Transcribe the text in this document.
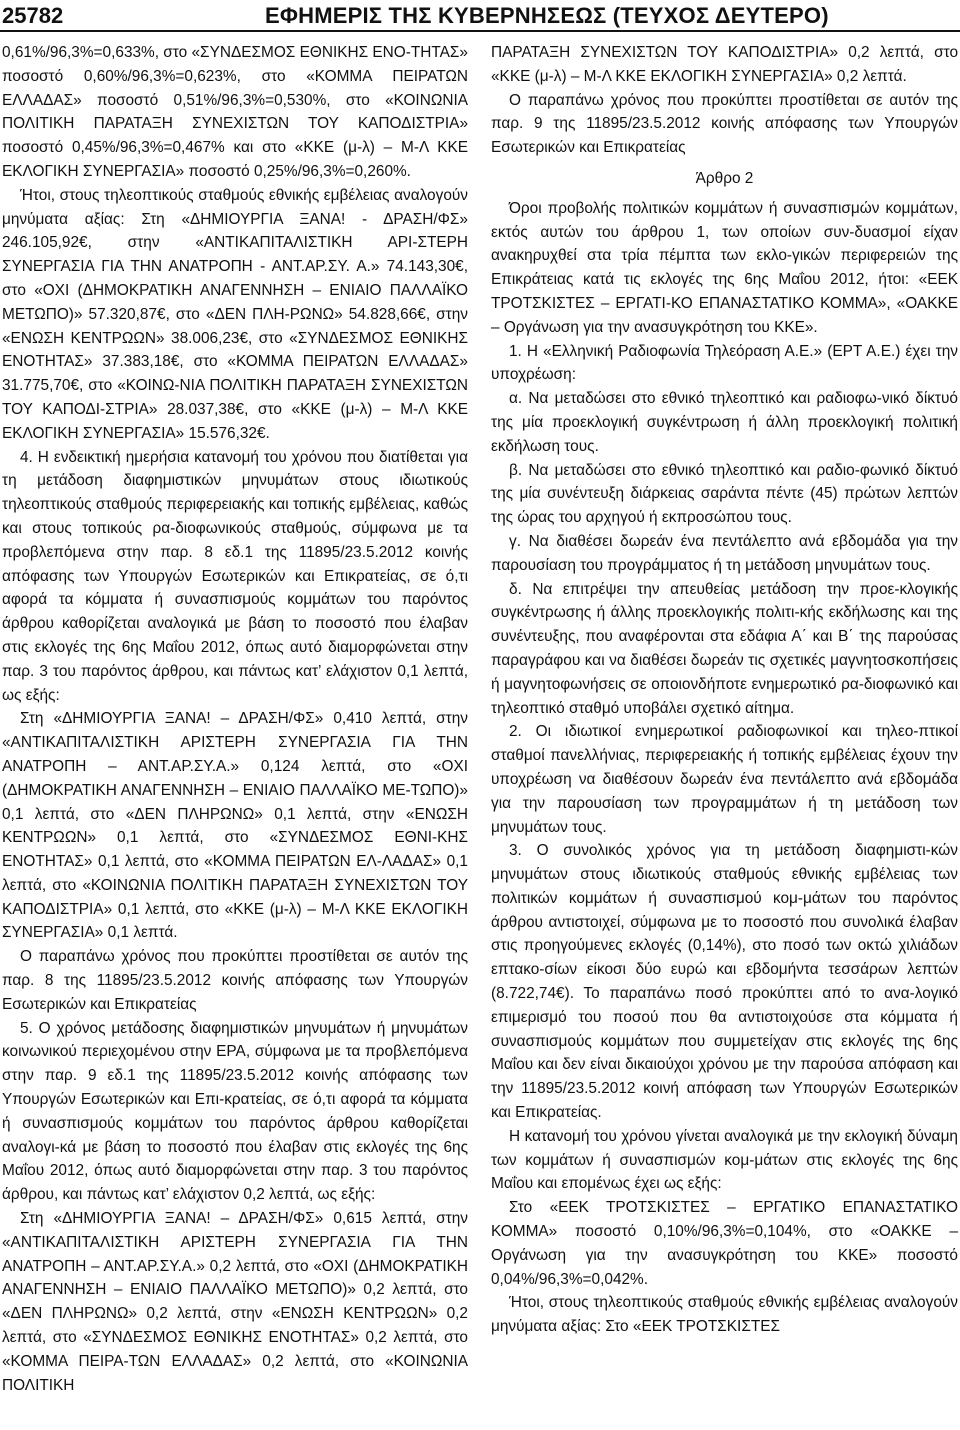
25782	ΕΦΗΜΕΡΙΣ ΤΗΣ ΚΥΒΕΡΝΗΣΕΩΣ (ΤΕΥΧΟΣ ΔΕΥΤΕΡΟ)

0,61%/96,3%=0,633%, στο «ΣΥΝΔΕΣΜΟΣ ΕΘΝΙΚΗΣ ΕΝΟ-ΤΗΤΑΣ» ποσοστό 0,60%/96,3%=0,623%, στο «ΚΟΜΜΑ ΠΕΙΡΑΤΩΝ ΕΛΛΑΔΑΣ» ποσοστό 0,51%/96,3%=0,530%, στο «ΚΟΙΝΩΝΙΑ ΠΟΛΙΤΙΚΗ ΠΑΡΑΤΑΞΗ ΣΥΝΕΧΙΣΤΩΝ ΤΟΥ ΚΑΠΟΔΙΣΤΡΙΑ» ποσοστό 0,45%/96,3%=0,467% και στο «ΚΚΕ (μ-λ) – Μ-Λ ΚΚΕ ΕΚΛΟΓΙΚΗ ΣΥΝΕΡΓΑΣΙΑ» ποσοστό 0,25%/96,3%=0,260%.

Ήτοι, στους τηλεοπτικούς σταθμούς εθνικής εμβέλειας αναλογούν μηνύματα αξίας: Στη «ΔΗΜΙΟΥΡΓΙΑ ΞΑΝΑ! - ΔΡΑΣΗ/ΦΣ» 246.105,92€, στην «ΑΝΤΙΚΑΠΙΤΑΛΙΣΤΙΚΗ ΑΡΙ-ΣΤΕΡΗ ΣΥΝΕΡΓΑΣΙΑ ΓΙΑ ΤΗΝ ΑΝΑΤΡΟΠΗ - ΑΝΤ.ΑΡ.ΣΥ. Α.» 74.143,30€, στο «ΟΧΙ (ΔΗΜΟΚΡΑΤΙΚΗ ΑΝΑΓΕΝΝΗΣΗ – ΕΝΙΑΙΟ ΠΑΛΛΑΪΚΟ ΜΕΤΩΠΟ)» 57.320,87€, στο «ΔΕΝ ΠΛΗ-ΡΩΝΩ» 54.828,66€, στην «ΕΝΩΣΗ ΚΕΝΤΡΩΩΝ» 38.006,23€, στο «ΣΥΝΔΕΣΜΟΣ ΕΘΝΙΚΗΣ ΕΝΟΤΗΤΑΣ» 37.383,18€, στο «ΚΟΜΜΑ ΠΕΙΡΑΤΩΝ ΕΛΛΑΔΑΣ» 31.775,70€, στο «ΚΟΙΝΩ-ΝΙΑ ΠΟΛΙΤΙΚΗ ΠΑΡΑΤΑΞΗ ΣΥΝΕΧΙΣΤΩΝ ΤΟΥ ΚΑΠΟΔΙ-ΣΤΡΙΑ» 28.037,38€, στο «ΚΚΕ (μ-λ) – Μ-Λ ΚΚΕ ΕΚΛΟΓΙΚΗ ΣΥΝΕΡΓΑΣΙΑ» 15.576,32€.

4. Η ενδεικτική ημερήσια κατανομή του χρόνου που διατίθεται για τη μετάδοση διαφημιστικών μηνυμάτων στους ιδιωτικούς τηλεοπτικούς σταθμούς περιφερειακής και τοπικής εμβέλειας, καθώς και στους τοπικούς ρα-διοφωνικούς σταθμούς, σύμφωνα με τα προβλεπόμενα στην παρ. 8 εδ.1 της 11895/23.5.2012 κοινής απόφασης των Υπουργών Εσωτερικών και Επικρατείας, σε ό,τι αφορά τα κόμματα ή συνασπισμούς κομμάτων του παρόντος άρθρου καθορίζεται αναλογικά με βάση το ποσοστό που έλαβαν στις εκλογές της 6ης Μαΐου 2012, όπως αυτό διαμορφώνεται στην παρ. 3 του παρόντος άρθρου, και πάντως κατ’ ελάχιστον 0,1 λεπτά, ως εξής:

Στη «ΔΗΜΙΟΥΡΓΙΑ ΞΑΝΑ! – ΔΡΑΣΗ/ΦΣ» 0,410 λεπτά, στην «ΑΝΤΙΚΑΠΙΤΑΛΙΣΤΙΚΗ ΑΡΙΣΤΕΡΗ ΣΥΝΕΡΓΑΣΙΑ ΓΙΑ ΤΗΝ ΑΝΑΤΡΟΠΗ – ΑΝΤ.ΑΡ.ΣΥ.Α.» 0,124 λεπτά, στο «ΟΧΙ (ΔΗΜΟΚΡΑΤΙΚΗ ΑΝΑΓΕΝΝΗΣΗ – ΕΝΙΑΙΟ ΠΑΛΛΑΪΚΟ ΜΕ-ΤΩΠΟ)» 0,1 λεπτά, στο «ΔΕΝ ΠΛΗΡΩΝΩ» 0,1 λεπτά, στην «ΕΝΩΣΗ ΚΕΝΤΡΩΩΝ» 0,1 λεπτά, στο «ΣΥΝΔΕΣΜΟΣ ΕΘΝΙ-ΚΗΣ ΕΝΟΤΗΤΑΣ» 0,1 λεπτά, στο «ΚΟΜΜΑ ΠΕΙΡΑΤΩΝ ΕΛ-ΛΑΔΑΣ» 0,1 λεπτά, στο «ΚΟΙΝΩΝΙΑ ΠΟΛΙΤΙΚΗ ΠΑΡΑΤΑΞΗ ΣΥΝΕΧΙΣΤΩΝ ΤΟΥ ΚΑΠΟΔΙΣΤΡΙΑ» 0,1 λεπτά, στο «ΚΚΕ (μ-λ) – Μ-Λ ΚΚΕ ΕΚΛΟΓΙΚΗ ΣΥΝΕΡΓΑΣΙΑ» 0,1 λεπτά.

Ο παραπάνω χρόνος που προκύπτει προστίθεται σε αυτόν της παρ. 8 της 11895/23.5.2012 κοινής απόφασης των Υπουργών Εσωτερικών και Επικρατείας

5. Ο χρόνος μετάδοσης διαφημιστικών μηνυμάτων ή μηνυμάτων κοινωνικού περιεχομένου στην ΕΡΑ, σύμφωνα με τα προβλεπόμενα στην παρ. 9 εδ.1 της 11895/23.5.2012 κοινής απόφασης των Υπουργών Εσωτερικών και Επι-κρατείας, σε ό,τι αφορά τα κόμματα ή συνασπισμούς κομμάτων του παρόντος άρθρου καθορίζεται αναλογι-κά με βάση το ποσοστό που έλαβαν στις εκλογές της 6ης Μαΐου 2012, όπως αυτό διαμορφώνεται στην παρ. 3 του παρόντος άρθρου, και πάντως κατ’ ελάχιστον 0,2 λεπτά, ως εξής:

Στη «ΔΗΜΙΟΥΡΓΙΑ ΞΑΝΑ! – ΔΡΑΣΗ/ΦΣ» 0,615 λεπτά, στην «ΑΝΤΙΚΑΠΙΤΑΛΙΣΤΙΚΗ ΑΡΙΣΤΕΡΗ ΣΥΝΕΡΓΑΣΙΑ ΓΙΑ ΤΗΝ ΑΝΑΤΡΟΠΗ – ΑΝΤ.ΑΡ.ΣΥ.Α.» 0,2 λεπτά, στο «ΟΧΙ (ΔΗΜΟΚΡΑΤΙΚΗ ΑΝΑΓΕΝΝΗΣΗ – ΕΝΙΑΙΟ ΠΑΛΛΑΪΚΟ ΜΕΤΩΠΟ)» 0,2 λεπτά, στο «ΔΕΝ ΠΛΗΡΩΝΩ» 0,2 λεπτά, στην «ΕΝΩΣΗ ΚΕΝΤΡΩΩΝ» 0,2 λεπτά, στο «ΣΥΝΔΕΣΜΟΣ ΕΘΝΙΚΗΣ ΕΝΟΤΗΤΑΣ» 0,2 λεπτά, στο «ΚΟΜΜΑ ΠΕΙΡΑ-ΤΩΝ ΕΛΛΑΔΑΣ» 0,2 λεπτά, στο «ΚΟΙΝΩΝΙΑ ΠΟΛΙΤΙΚΗ

ΠΑΡΑΤΑΞΗ ΣΥΝΕΧΙΣΤΩΝ ΤΟΥ ΚΑΠΟΔΙΣΤΡΙΑ» 0,2 λεπτά, στο «ΚΚΕ (μ-λ) – Μ-Λ ΚΚΕ ΕΚΛΟΓΙΚΗ ΣΥΝΕΡΓΑΣΙΑ» 0,2 λεπτά.

Ο παραπάνω χρόνος που προκύπτει προστίθεται σε αυτόν της παρ. 9 της 11895/23.5.2012 κοινής απόφασης των Υπουργών Εσωτερικών και Επικρατείας

Άρθρο 2

Όροι προβολής πολιτικών κομμάτων ή συνασπισμών κομμάτων, εκτός αυτών του άρθρου 1, των οποίων συν-δυασμοί είχαν ανακηρυχθεί στα τρία πέμπτα των εκλο-γικών περιφερειών της Επικράτειας κατά τις εκλογές της 6ης Μαΐου 2012, ήτοι: «ΕΕΚ ΤΡΟΤΣΚΙΣΤΕΣ – ΕΡΓΑΤΙ-ΚΟ ΕΠΑΝΑΣΤΑΤΙΚΟ ΚΟΜΜΑ», «ΟΑΚΚΕ – Οργάνωση για την ανασυγκρότηση του ΚΚΕ».

1. Η «Ελληνική Ραδιοφωνία Τηλεόραση Α.Ε.» (ΕΡΤ Α.Ε.) έχει την υποχρέωση:

α. Να μεταδώσει στο εθνικό τηλεοπτικό και ραδιοφω-νικό δίκτυό της μία προεκλογική συγκέντρωση ή άλλη προεκλογική πολιτική εκδήλωση τους.

β. Να μεταδώσει στο εθνικό τηλεοπτικό και ραδιο-φωνικό δίκτυό της μία συνέντευξη διάρκειας σαράντα πέντε (45) πρώτων λεπτών της ώρας του αρχηγού ή εκπροσώπου τους.

γ. Να διαθέσει δωρεάν ένα πεντάλεπτο ανά εβδομάδα για την παρουσίαση του προγράμματος ή τη μετάδοση μηνυμάτων τους.

δ. Να επιτρέψει την απευθείας μετάδοση την προε-κλογικής συγκέντρωσης ή άλλης προεκλογικής πολιτι-κής εκδήλωσης και της συνέντευξης, που αναφέρονται στα εδάφια Α΄ και Β΄ της παρούσας παραγράφου και να διαθέσει δωρεάν τις σχετικές μαγνητοσκοπήσεις ή μαγνητοφωνήσεις σε οποιονδήποτε ενημερωτικό ρα-διοφωνικό και τηλεοπτικό σταθμό υποβάλει σχετικό αίτημα.

2. Οι ιδιωτικοί ενημερωτικοί ραδιοφωνικοί και τηλεο-πτικοί σταθμοί πανελλήνιας, περιφερειακής ή τοπικής εμβέλειας έχουν την υποχρέωση να διαθέσουν δωρεάν ένα πεντάλεπτο ανά εβδομάδα για την παρουσίαση των προγραμμάτων ή τη μετάδοση των μηνυμάτων τους.

3. Ο συνολικός χρόνος για τη μετάδοση διαφημιστι-κών μηνυμάτων στους ιδιωτικούς σταθμούς εθνικής εμβέλειας των πολιτικών κομμάτων ή συνασπισμού κομ-μάτων του παρόντος άρθρου αντιστοιχεί, σύμφωνα με το ποσοστό που συνολικά έλαβαν στις προηγούμενες εκλογές (0,14%), στο ποσό των οκτώ χιλιάδων επτακο-σίων είκοσι δύο ευρώ και εβδομήντα τεσσάρων λεπτών (8.722,74€). Το παραπάνω ποσό προκύπτει από το ανα-λογικό επιμερισμό του ποσού που θα αντιστοιχούσε στα κόμματα ή συνασπισμούς κομμάτων που συμμετείχαν στις εκλογές της 6ης Μαΐου και δεν είναι δικαιούχοι χρόνου με την παρούσα απόφαση και την 11895/23.5.2012 κοινή απόφαση των Υπουργών Εσωτερικών και Επικρατείας.

Η κατανομή του χρόνου γίνεται αναλογικά με την εκλογική δύναμη των κομμάτων ή συνασπισμών κομ-μάτων στις εκλογές της 6ης Μαΐου και επομένως έχει ως εξής:

Στο «ΕΕΚ ΤΡΟΤΣΚΙΣΤΕΣ – ΕΡΓΑΤΙΚΟ ΕΠΑΝΑΣΤΑΤΙΚΟ ΚΟΜΜΑ» ποσοστό 0,10%/96,3%=0,104%, στο «ΟΑΚΚΕ – Οργάνωση για την ανασυγκρότηση του ΚΚΕ» ποσοστό 0,04%/96,3%=0,042%.

Ήτοι, στους τηλεοπτικούς σταθμούς εθνικής εμβέλειας αναλογούν μηνύματα αξίας: Στο «ΕΕΚ ΤΡΟΤΣΚΙΣΤΕΣ
